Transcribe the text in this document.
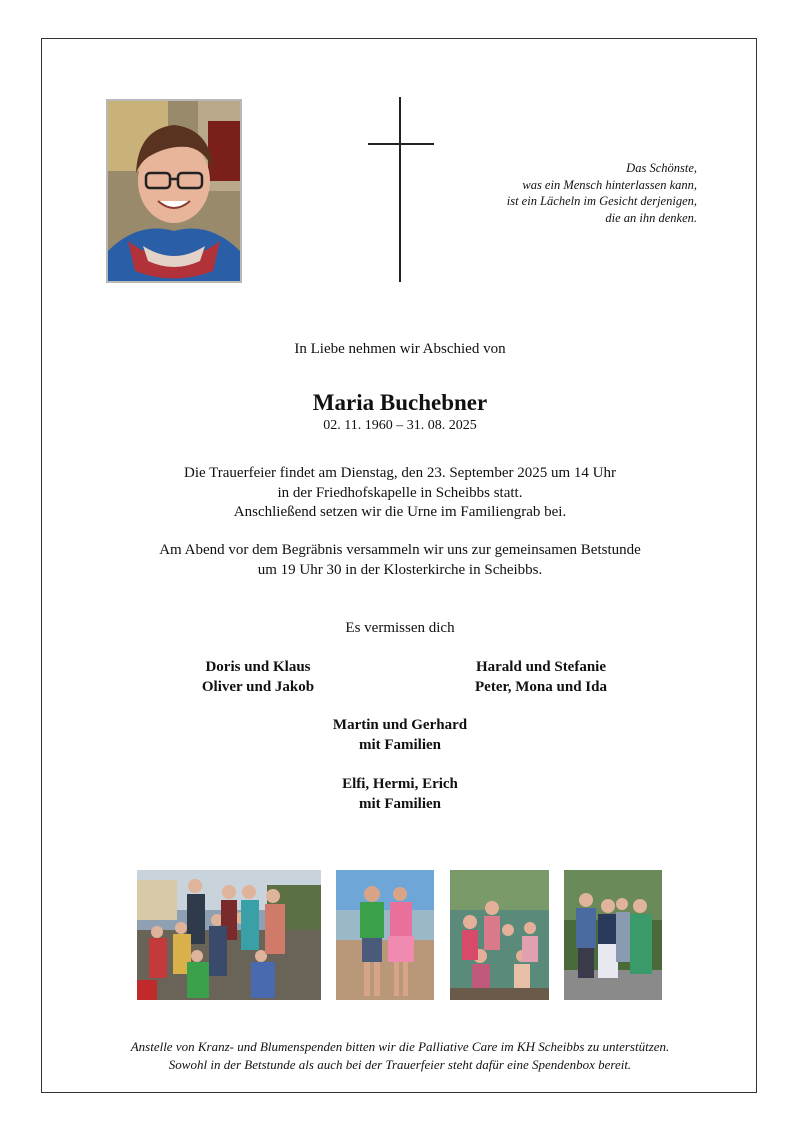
Das Schönste,
was ein Mensch hinterlassen kann,
ist ein Lächeln im Gesicht derjenigen,
die an ihn denken.
In Liebe nehmen wir Abschied von
Maria Buchebner
02. 11. 1960 – 31. 08. 2025
Die Trauerfeier findet am Dienstag, den 23. September 2025 um 14 Uhr
in der Friedhofskapelle in Scheibbs statt.
Anschließend setzen wir die Urne im Familiengrab bei.
Am Abend vor dem Begräbnis versammeln wir uns zur gemeinsamen Betstunde
um 19 Uhr 30 in der Klosterkirche in Scheibbs.
Es vermissen dich
Doris und Klaus
Oliver und Jakob
Harald und Stefanie
Peter, Mona und Ida
Martin und Gerhard
mit Familien
Elfi, Hermi, Erich
mit Familien
Anstelle von Kranz- und Blumenspenden bitten wir die Palliative Care im KH Scheibbs zu unterstützen.
Sowohl in der Betstunde als auch bei der Trauerfeier steht dafür eine Spendenbox bereit.
